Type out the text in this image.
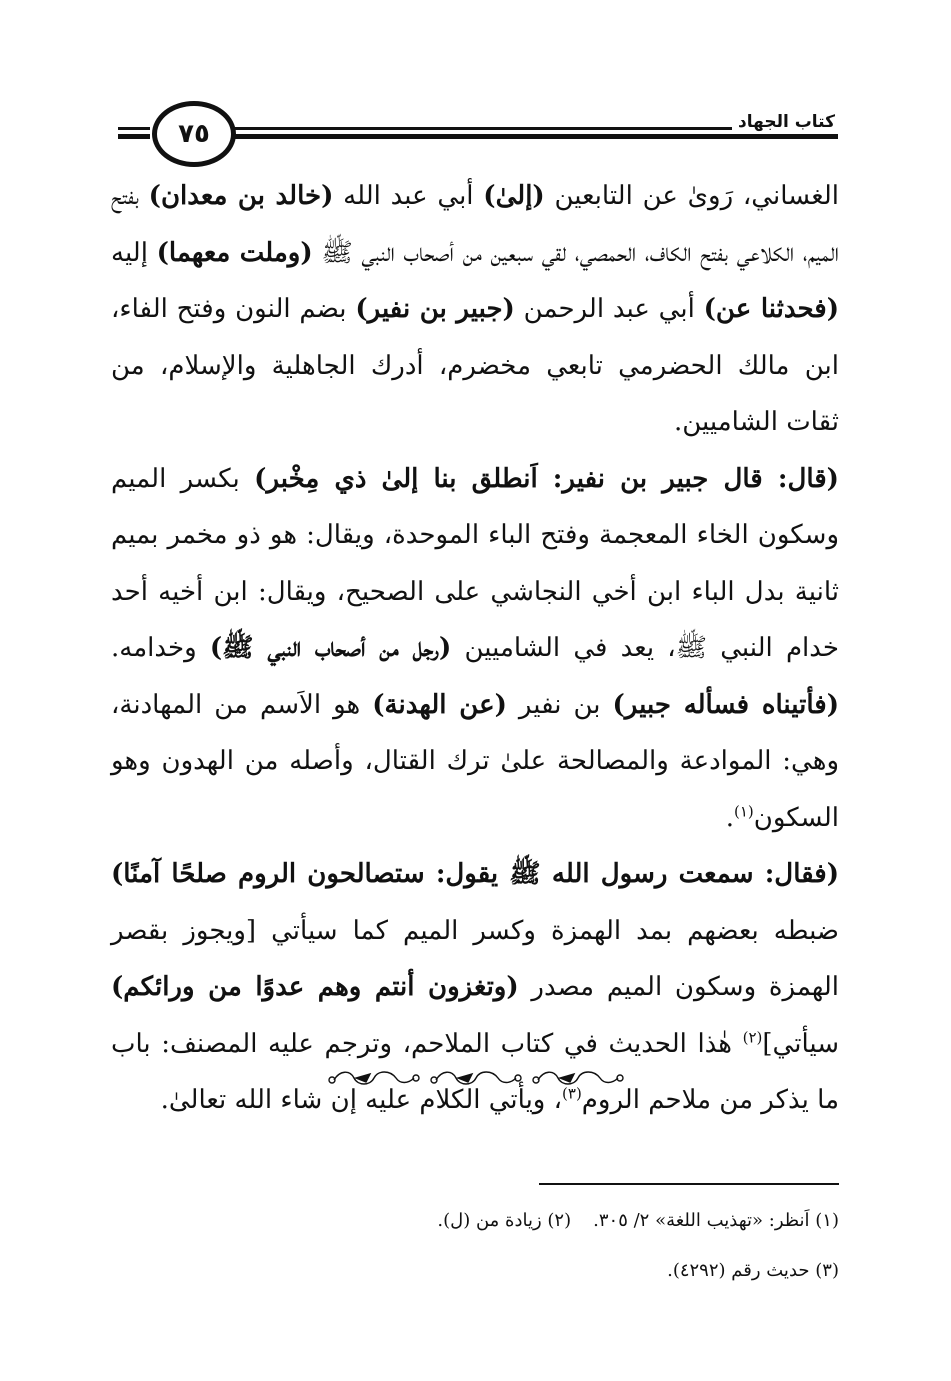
٧٥	كتاب الجهاد

الغساني، رَوىٰ عن التابعين (إلىٰ) أبي عبد الله (خالد بن معدان) بفتح الميم، الكلاعي بفتح الكاف، الحمصي، لقي سبعين من أصحاب النبي ﷺ (وملت معهما) إليه (فحدثنا عن) أبي عبد الرحمن (جبير بن نفير) بضم النون وفتح الفاء، ابن مالك الحضرمي تابعي مخضرم، أدرك الجاهلية والإسلام، من ثقات الشاميين.

(قال: قال جبير بن نفير: اَنطلق بنا إلىٰ ذي مِخْبر) بكسر الميم وسكون الخاء المعجمة وفتح الباء الموحدة، ويقال: هو ذو مخمر بميم ثانية بدل الباء ابن أخي النجاشي على الصحيح، ويقال: ابن أخيه أحد خدام النبي ﷺ، يعد في الشاميين (رجل من أصحاب النبي ﷺ) وخدامه. (فأتيناه فسأله جبير) بن نفير (عن الهدنة) هو الاَسم من المهادنة، وهي: الموادعة والمصالحة علىٰ ترك القتال، وأصله من الهدون وهو السكون$^{(١)}$.

(فقال: سمعت رسول الله ﷺ يقول: ستصالحون الروم صلحًا آمنًا) ضبطه بعضهم بمد الهمزة وكسر الميم كما سيأتي [ويجوز بقصر الهمزة وسكون الميم مصدر (وتغزون أنتم وهم عدوًا من ورائكم) سيأتي]$^{(٢)}$ هٰذا الحديث في كتاب الملاحم، وترجم عليه المصنف: باب ما يذكر من ملاحم الروم$^{(٣)}$، ويأتي الكلام عليه إن شاء الله تعالىٰ.

(١) اَنظر: «تهذيب اللغة» ٢/ ٣٠٥.(٢) زيادة من (ل).

(٣) حديث رقم (٤٢٩٢).
